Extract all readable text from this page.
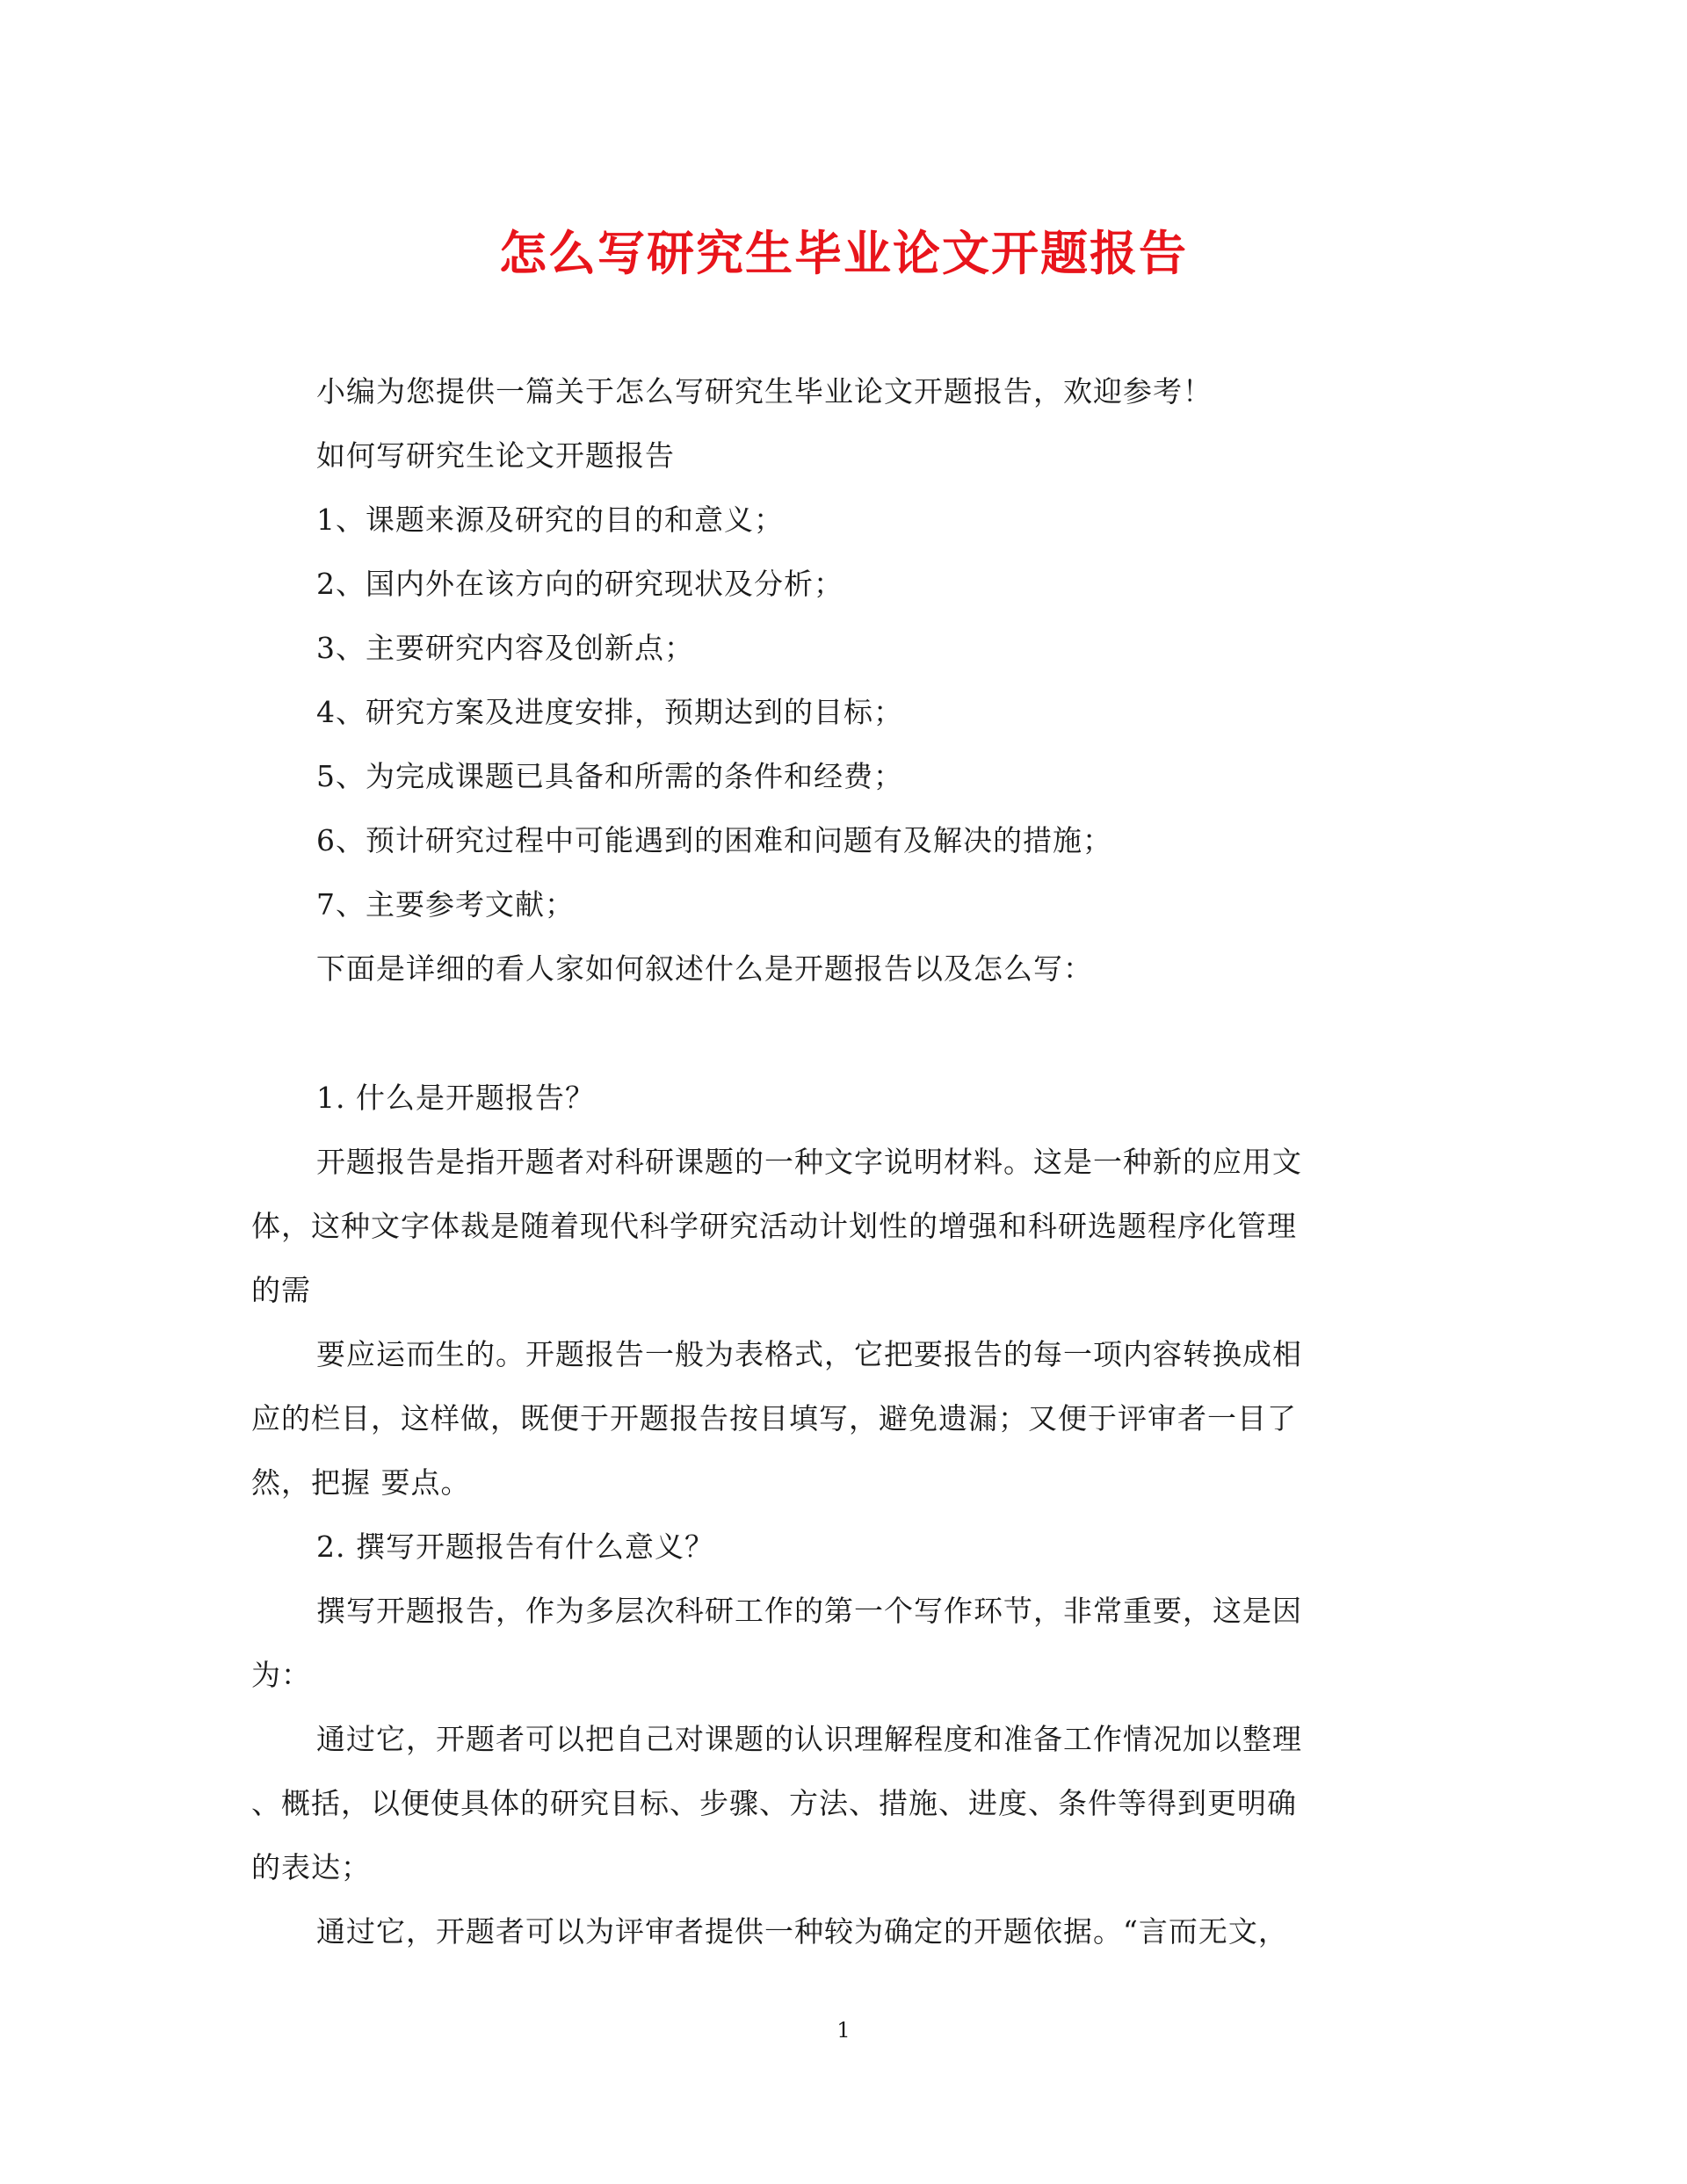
怎么写研究生毕业论文开题报告
小编为您提供一篇关于怎么写研究生毕业论文开题报告，欢迎参考！
如何写研究生论文开题报告
1、课题来源及研究的目的和意义；
2、国内外在该方向的研究现状及分析；
3、主要研究内容及创新点；
4、研究方案及进度安排，预期达到的目标；
5、为完成课题已具备和所需的条件和经费；
6、预计研究过程中可能遇到的困难和问题有及解决的措施；
7、主要参考文献；
下面是详细的看人家如何叙述什么是开题报告以及怎么写：
1. 什么是开题报告？
开题报告是指开题者对科研课题的一种文字说明材料。这是一种新的应用文
体，这种文字体裁是随着现代科学研究活动计划性的增强和科研选题程序化管理
的需
要应运而生的。开题报告一般为表格式，它把要报告的每一项内容转换成相
应的栏目，这样做，既便于开题报告按目填写，避免遗漏；又便于评审者一目了
然，把握 要点。
2. 撰写开题报告有什么意义？
撰写开题报告，作为多层次科研工作的第一个写作环节，非常重要，这是因
为：
通过它，开题者可以把自己对课题的认识理解程度和准备工作情况加以整理
、概括，以便使具体的研究目标、步骤、方法、措施、进度、条件等得到更明确
的表达；
通过它，开题者可以为评审者提供一种较为确定的开题依据。“言而无文，
1
